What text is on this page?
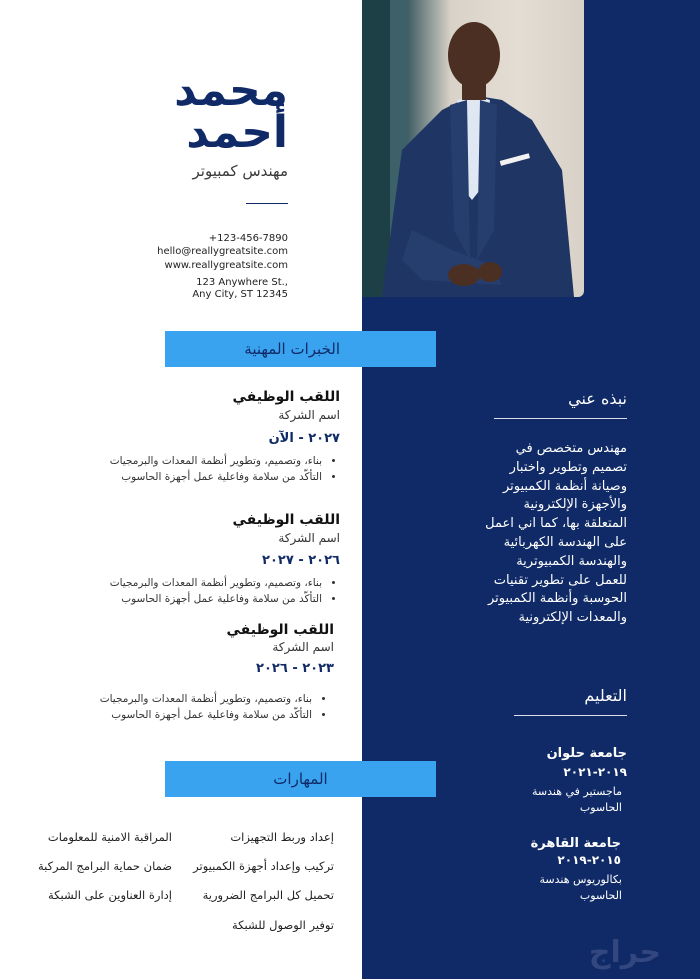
محمد
أحمد
مهندس كمبيوتر
+123-456-7890
hello@reallygreatsite.com
www.reallygreatsite.com
123 Anywhere St.,
Any City, ST 12345
الخبرات المهنية
اللقب الوظيفي
اسم الشركة
٢٠٢٧ - الآن
• بناء، وتصميم، وتطوير أنظمة المعدات والبرمجيات
• التأكّد من سلامة وفاعلية عمل أجهزة الحاسوب
اللقب الوظيفي
اسم الشركة
٢٠٢٦ - ٢٠٢٧
• بناء، وتصميم، وتطوير أنظمة المعدات والبرمجيات
• التأكّد من سلامة وفاعلية عمل أجهزة الحاسوب
اللقب الوظيفي
اسم الشركة
٢٠٢٣ - ٢٠٢٦
• بناء، وتصميم، وتطوير أنظمة المعدات والبرمجيات
• التأكّد من سلامة وفاعلية عمل أجهزة الحاسوب
المهارات
إعداد وربط التجهيزات
المراقبة الامنية للمعلومات
تركيب وإعداد أجهزة الكمبيوتر
ضمان حماية البرامج المركبة
تحميل كل البرامج الضرورية
إدارة العناوين على الشبكة
توفير الوصول للشبكة
نبذه عني
مهندس متخصص في
تصميم وتطوير واختبار
وصيانة أنظمة الكمبيوتر
والأجهزة الإلكترونية
المتعلقة بها، كما اني اعمل
على الهندسة الكهربائية
والهندسة الكمبيوترية
للعمل على تطوير تقنيات
الحوسبة وأنظمة الكمبيوتر
والمعدات الإلكترونية
التعليم
جامعة حلوان
٢٠١٩-٢٠٢١
ماجستير في هندسة
الحاسوب
جامعة القاهرة
٢٠١٥-٢٠١٩
بكالوريوس هندسة
الحاسوب
حراج
